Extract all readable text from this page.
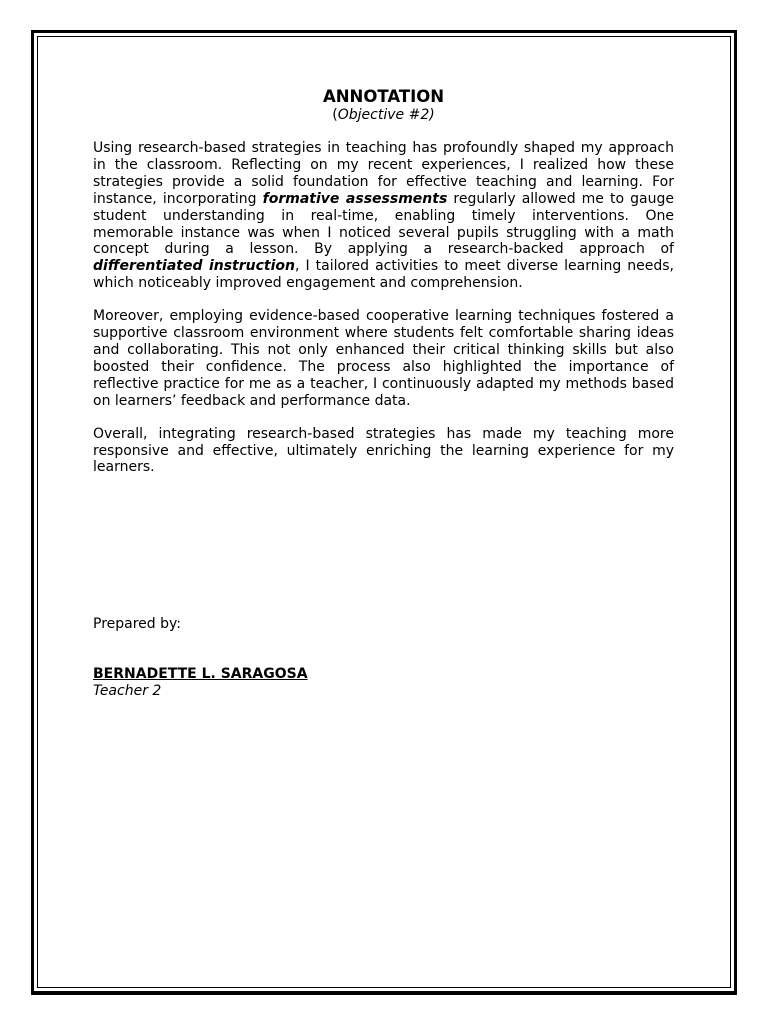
ANNOTATION

(Objective #2)

Using research-based strategies in teaching has profoundly shaped my approach in the classroom. Reflecting on my recent experiences, I realized how these strategies provide a solid foundation for effective teaching and learning. For instance, incorporating formative assessments regularly allowed me to gauge student understanding in real-time, enabling timely interventions. One memorable instance was when I noticed several pupils struggling with a math concept during a lesson. By applying a research-backed approach of differentiated instruction, I tailored activities to meet diverse learning needs, which noticeably improved engagement and comprehension.

Moreover, employing evidence-based cooperative learning techniques fostered a supportive classroom environment where students felt comfortable sharing ideas and collaborating. This not only enhanced their critical thinking skills but also boosted their confidence. The process also highlighted the importance of reflective practice for me as a teacher, I continuously adapted my methods based on learners’ feedback and performance data.

Overall, integrating research-based strategies has made my teaching more responsive and effective, ultimately enriching the learning experience for my learners.

Prepared by:
BERNADETTE L. SARAGOSA
Teacher 2
